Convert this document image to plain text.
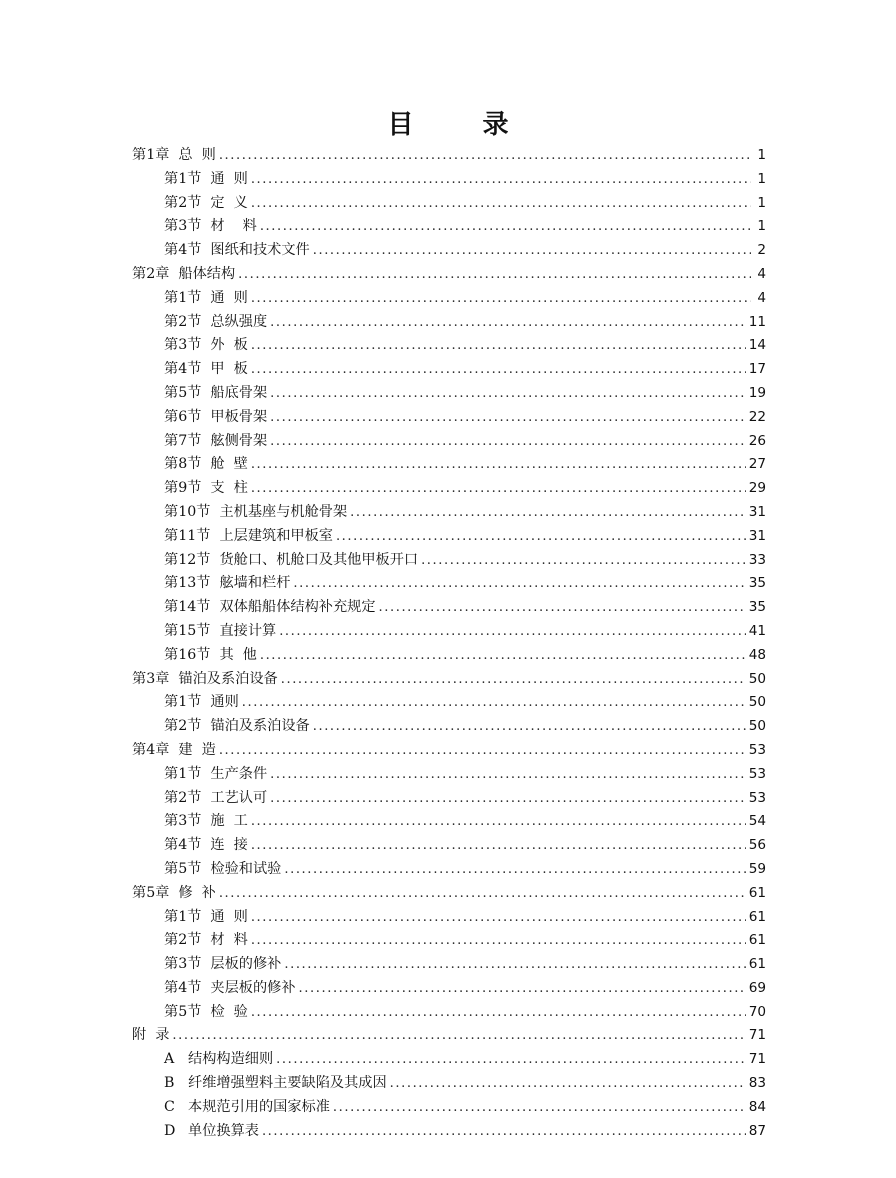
目 录
第1章 总  则 .....	1
第1节 通  则 .....	1
第2节 定  义 .....	1
第3节 材    料 .....	1
第4节 图纸和技术文件 .....	2
第2章 船体结构 .....	4
第1节 通  则 .....	4
第2节 总纵强度 .....	11
第3节 外  板 .....	14
第4节 甲  板 .....	17
第5节 船底骨架 .....	19
第6节 甲板骨架 .....	22
第7节 舷侧骨架 .....	26
第8节 舱  壁 .....	27
第9节 支  柱 .....	29
第10节 主机基座与机舱骨架 .....	31
第11节 上层建筑和甲板室 .....	31
第12节 货舱口、机舱口及其他甲板开口 .....	33
第13节 舷墙和栏杆 .....	35
第14节 双体船船体结构补充规定 .....	35
第15节 直接计算 .....	41
第16节 其  他 .....	48
第3章 锚泊及系泊设备 .....	50
第1节 通则 .....	50
第2节 锚泊及系泊设备 .....	50
第4章 建  造 .....	53
第1节 生产条件 .....	53
第2节 工艺认可 .....	53
第3节 施  工 .....	54
第4节 连  接 .....	56
第5节 检验和试验 .....	59
第5章 修  补 .....	61
第1节 通  则 .....	61
第2节 材  料 .....	61
第3节 层板的修补 .....	61
第4节 夹层板的修补 .....	69
第5节 检  验 .....	70
附  录 .....	71
A 结构构造细则 .....	71
B 纤维增强塑料主要缺陷及其成因 .....	83
C 本规范引用的国家标准 .....	84
D 单位换算表 .....	87
